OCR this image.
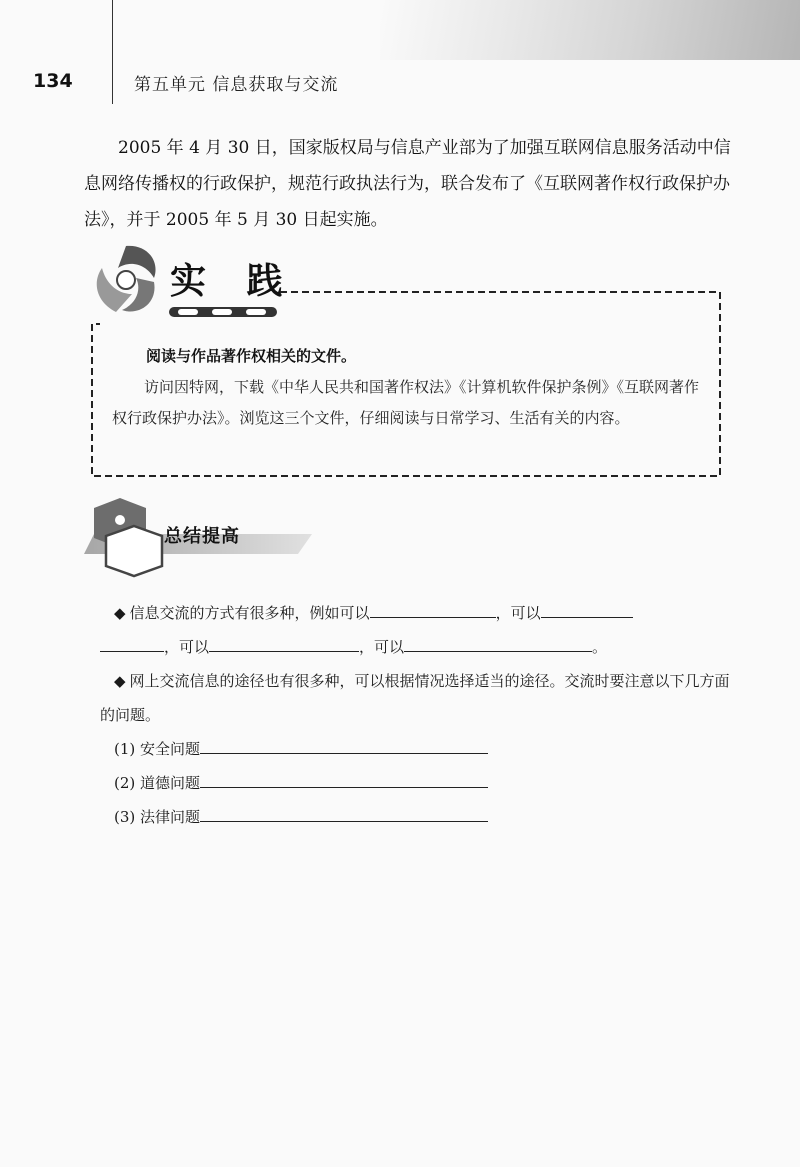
134	第五单元 信息获取与交流
2005 年 4 月 30 日，国家版权局与信息产业部为了加强互联网信息服务活动中信息网络传播权的行政保护，规范行政执法行为，联合发布了《互联网著作权行政保护办法》，并于 2005 年 5 月 30 日起实施。
实 践
阅读与作品著作权相关的文件。
访问因特网，下载《中华人民共和国著作权法》《计算机软件保护条例》《互联网著作权行政保护办法》。浏览这三个文件，仔细阅读与日常学习、生活有关的内容。
总结提高
◆ 信息交流的方式有很多种，例如可以	，可以
，可以	，可以	。
◆ 网上交流信息的途径也有很多种，可以根据情况选择适当的途径。交流时要注意以下几方面的问题。
(1) 安全问题
(2) 道德问题
(3) 法律问题
